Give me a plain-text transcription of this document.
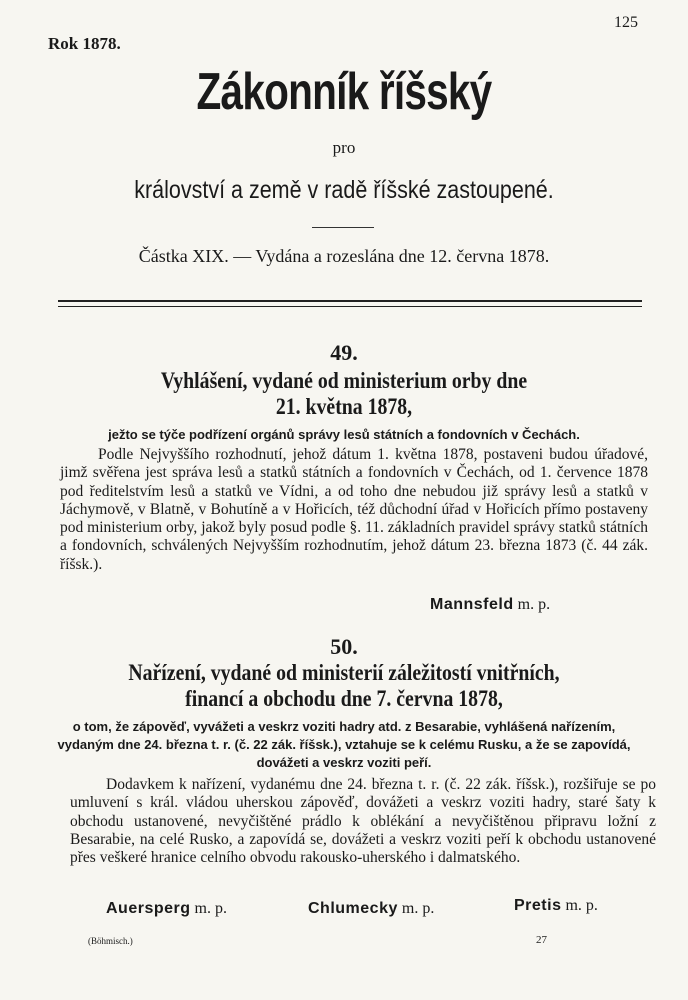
125
Rok 1878.
Zákonník říšský
pro
království a země v radě říšské zastoupené.
Částka XIX. — Vydána a rozeslána dne 12. června 1878.
49.
Vyhlášení, vydané od ministerium orby dne
21. května 1878,
ježto se týče podřízení orgánů správy lesů státních a fondovních v Čechách.
Podle Nejvyššího rozhodnutí, jehož dátum 1. května 1878, postaveni budou úřadové, jimž svěřena jest správa lesů a statků státních a fondovních v Čechách, od 1. července 1878 pod ředitelstvím lesů a statků ve Vídni, a od toho dne nebudou již správy lesů a statků v Jáchymově, v Blatně, v Bohutíně a v Hořicích, též důchodní úřad v Hořicích přímo postaveny pod ministerium orby, jakož byly posud podle §. 11. základních pravidel správy statků státních a fondovních, schválených Nejvyšším rozhodnutím, jehož dátum 23. března 1873 (č. 44 zák. říšsk.).
Mannsfeld m. p.
50.
Nařízení, vydané od ministerií záležitostí vnitřních,
financí a obchodu dne 7. června 1878,
o tom, že zápověď, vyvážeti a veskrz voziti hadry atd. z Besarabie, vyhlášená nařízením,
vydaným dne 24. března t. r. (č. 22 zák. říšsk.), vztahuje se k celému Rusku, a že se zapovídá,
dovážeti a veskrz voziti peří.
Dodavkem k nařízení, vydanému dne 24. března t. r. (č. 22 zák. říšsk.), rozšiřuje se po umluvení s král. vládou uherskou zápověď, dovážeti a veskrz voziti hadry, staré šaty k obchodu ustanovené, nevyčištěné prádlo k oblékání a nevyčištěnou připravu ložní z Besarabie, na celé Rusko, a zapovídá se, dovážeti a veskrz voziti peří k obchodu ustanovené přes veškeré hranice celního obvodu rakousko-uherského i dalmatského.
Auersperg m. p.	Chlumecky m. p.	Pretis m. p.
(Böhmisch.)	27
